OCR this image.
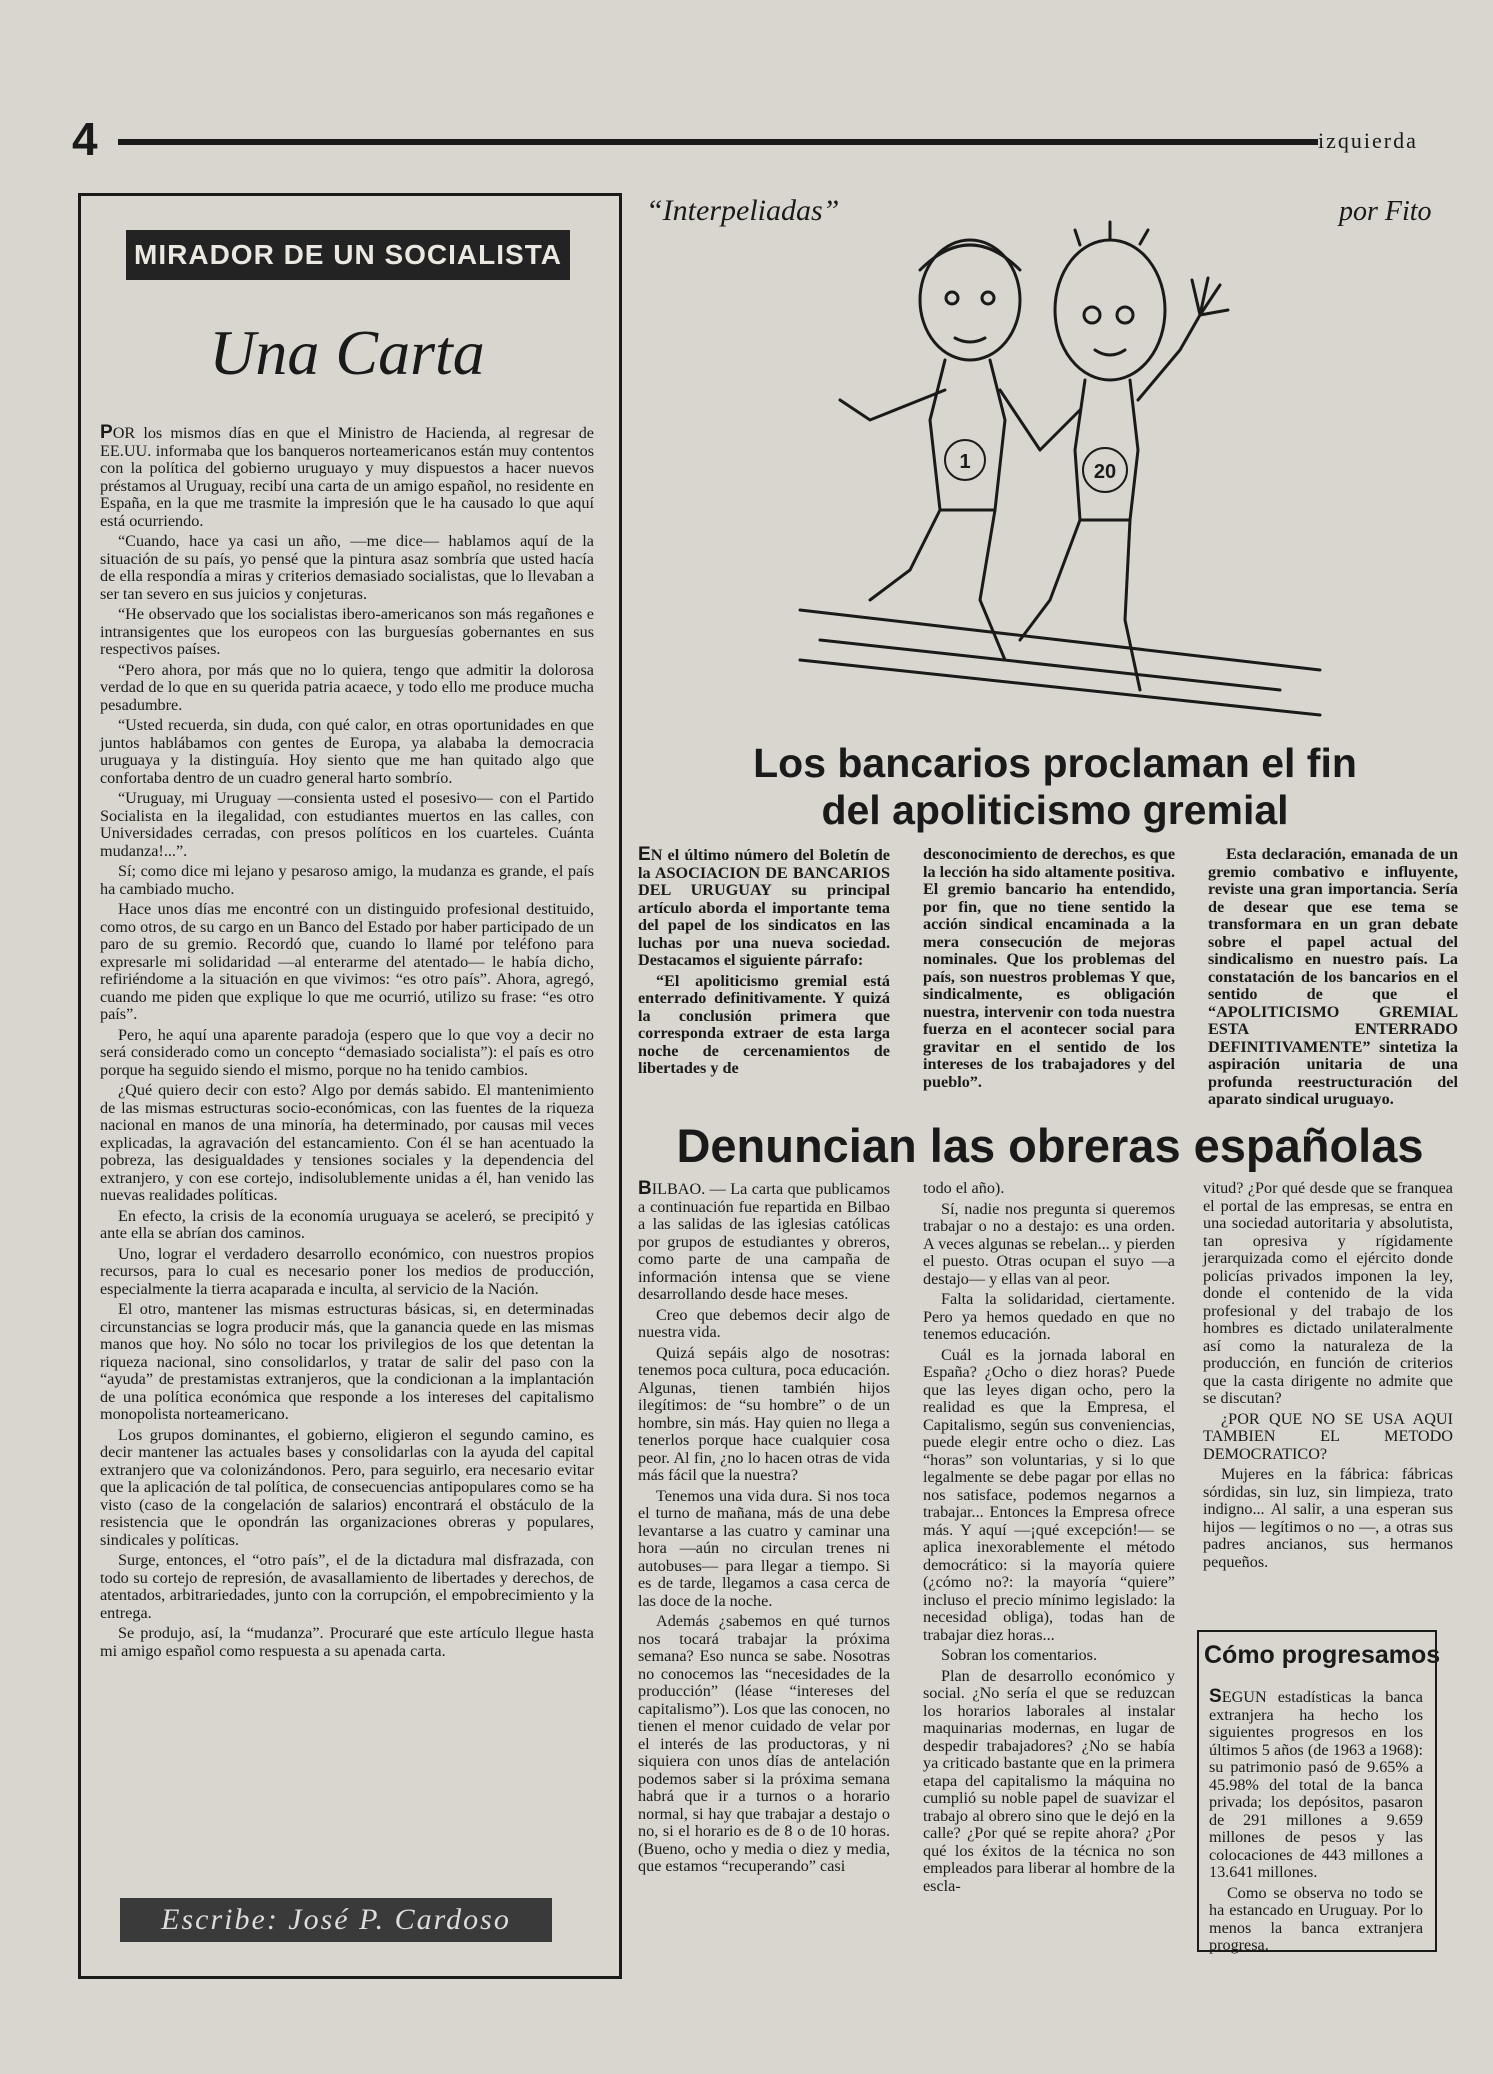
4	izquierda
MIRADOR DE UN SOCIALISTA
Una Carta

POR los mismos días en que el Ministro de Hacienda, al regresar de EE.UU. informaba que los banqueros norteamericanos están muy contentos con la política del gobierno uruguayo y muy dispuestos a hacer nuevos préstamos al Uruguay, recibí una carta de un amigo español, no residente en España, en la que me trasmite la impresión que le ha causado lo que aquí está ocurriendo.

“Cuando, hace ya casi un año, —me dice— hablamos aquí de la situación de su país, yo pensé que la pintura asaz sombría que usted hacía de ella respondía a miras y criterios demasiado socialistas, que lo llevaban a ser tan severo en sus juicios y conjeturas.

“He observado que los socialistas ibero-americanos son más regañones e intransigentes que los europeos con las burguesías gobernantes en sus respectivos países.

“Pero ahora, por más que no lo quiera, tengo que admitir la dolorosa verdad de lo que en su querida patria acaece, y todo ello me produce mucha pesadumbre.

“Usted recuerda, sin duda, con qué calor, en otras oportunidades en que juntos hablábamos con gentes de Europa, ya alababa la democracia uruguaya y la distinguía. Hoy siento que me han quitado algo que confortaba dentro de un cuadro general harto sombrío.

“Uruguay, mi Uruguay —consienta usted el posesivo— con el Partido Socialista en la ilegalidad, con estudiantes muertos en las calles, con Universidades cerradas, con presos políticos en los cuarteles. Cuánta mudanza!...”.

Sí; como dice mi lejano y pesaroso amigo, la mudanza es grande, el país ha cambiado mucho.

Hace unos días me encontré con un distinguido profesional destituido, como otros, de su cargo en un Banco del Estado por haber participado de un paro de su gremio. Recordó que, cuando lo llamé por teléfono para expresarle mi solidaridad —al enterarme del atentado— le había dicho, refiriéndome a la situación en que vivimos: “es otro país”. Ahora, agregó, cuando me piden que explique lo que me ocurrió, utilizo su frase: “es otro país”.

Pero, he aquí una aparente paradoja (espero que lo que voy a decir no será considerado como un concepto “demasiado socialista”): el país es otro porque ha seguido siendo el mismo, porque no ha tenido cambios.

¿Qué quiero decir con esto? Algo por demás sabido. El mantenimiento de las mismas estructuras socio-económicas, con las fuentes de la riqueza nacional en manos de una minoría, ha determinado, por causas mil veces explicadas, la agravación del estancamiento. Con él se han acentuado la pobreza, las desigualdades y tensiones sociales y la dependencia del extranjero, y con ese cortejo, indisolublemente unidas a él, han venido las nuevas realidades políticas.

En efecto, la crisis de la economía uruguaya se aceleró, se precipitó y ante ella se abrían dos caminos.

Uno, lograr el verdadero desarrollo económico, con nuestros propios recursos, para lo cual es necesario poner los medios de producción, especialmente la tierra acaparada e inculta, al servicio de la Nación.

El otro, mantener las mismas estructuras básicas, si, en determinadas circunstancias se logra producir más, que la ganancia quede en las mismas manos que hoy. No sólo no tocar los privilegios de los que detentan la riqueza nacional, sino consolidarlos, y tratar de salir del paso con la “ayuda” de prestamistas extranjeros, que la condicionan a la implantación de una política económica que responde a los intereses del capitalismo monopolista norteamericano.

Los grupos dominantes, el gobierno, eligieron el segundo camino, es decir mantener las actuales bases y consolidarlas con la ayuda del capital extranjero que va colonizándonos. Pero, para seguirlo, era necesario evitar que la aplicación de tal política, de consecuencias antipopulares como se ha visto (caso de la congelación de salarios) encontrará el obstáculo de la resistencia que le opondrán las organizaciones obreras y populares, sindicales y políticas.

Surge, entonces, el “otro país”, el de la dictadura mal disfrazada, con todo su cortejo de represión, de avasallamiento de libertades y derechos, de atentados, arbitrariedades, junto con la corrupción, el empobrecimiento y la entrega.

Se produjo, así, la “mudanza”. Procuraré que este artículo llegue hasta mi amigo español como respuesta a su apenada carta.

Escribe: José P. Cardoso
“Interpeliadas”	por Fito
1	20
Los bancarios proclaman el fin
del apoliticismo gremial

EN el último número del Boletín de la ASOCIACION DE BANCARIOS DEL URUGUAY su principal artículo aborda el importante tema del papel de los sindicatos en las luchas por una nueva sociedad. Destacamos el siguiente párrafo:

“El apoliticismo gremial está enterrado definitivamente. Y quizá la conclusión primera que corresponda extraer de esta larga noche de cercenamientos de libertades y de

desconocimiento de derechos, es que la lección ha sido altamente positiva. El gremio bancario ha entendido, por fin, que no tiene sentido la acción sindical encaminada a la mera consecución de mejoras nominales. Que los problemas del país, son nuestros problemas Y que, sindicalmente, es obligación nuestra, intervenir con toda nuestra fuerza en el acontecer social para gravitar en el sentido de los intereses de los trabajadores y del pueblo”.

Esta declaración, emanada de un gremio combativo e influyente, reviste una gran importancia. Sería de desear que ese tema se transformara en un gran debate sobre el papel actual del sindicalismo en nuestro país. La constatación de los bancarios en el sentido de que el “APOLITICISMO GREMIAL ESTA ENTERRADO DEFINITIVAMENTE” sintetiza la aspiración unitaria de una profunda reestructuración del aparato sindical uruguayo.

Denuncian las obreras españolas

BILBAO. — La carta que publicamos a continuación fue repartida en Bilbao a las salidas de las iglesias católicas por grupos de estudiantes y obreros, como parte de una campaña de información intensa que se viene desarrollando desde hace meses.

Creo que debemos decir algo de nuestra vida.

Quizá sepáis algo de nosotras: tenemos poca cultura, poca educación. Algunas, tienen también hijos ilegítimos: de “su hombre” o de un hombre, sin más. Hay quien no llega a tenerlos porque hace cualquier cosa peor. Al fin, ¿no lo hacen otras de vida más fácil que la nuestra?

Tenemos una vida dura. Si nos toca el turno de mañana, más de una debe levantarse a las cuatro y caminar una hora —aún no circulan trenes ni autobuses— para llegar a tiempo. Si es de tarde, llegamos a casa cerca de las doce de la noche.

Además ¿sabemos en qué turnos nos tocará trabajar la próxima semana? Eso nunca se sabe. Nosotras no conocemos las “necesidades de la producción” (léase “intereses del capitalismo”). Los que las conocen, no tienen el menor cuidado de velar por el interés de las productoras, y ni siquiera con unos días de antelación podemos saber si la próxima semana habrá que ir a turnos o a horario normal, si hay que trabajar a destajo o no, si el horario es de 8 o de 10 horas. (Bueno, ocho y media o diez y media, que estamos “recuperando” casi

todo el año).

Sí, nadie nos pregunta si queremos trabajar o no a destajo: es una orden. A veces algunas se rebelan... y pierden el puesto. Otras ocupan el suyo —a destajo— y ellas van al peor.

Falta la solidaridad, ciertamente. Pero ya hemos quedado en que no tenemos educación.

Cuál es la jornada laboral en España? ¿Ocho o diez horas? Puede que las leyes digan ocho, pero la realidad es que la Empresa, el Capitalismo, según sus conveniencias, puede elegir entre ocho o diez. Las “horas” son voluntarias, y si lo que legalmente se debe pagar por ellas no nos satisface, podemos negarnos a trabajar... Entonces la Empresa ofrece más. Y aquí —¡qué excepción!— se aplica inexorablemente el método democrático: si la mayoría quiere (¿cómo no?: la mayoría “quiere” incluso el precio mínimo legislado: la necesidad obliga), todas han de trabajar diez horas...

Sobran los comentarios.

Plan de desarrollo económico y social. ¿No sería el que se reduzcan los horarios laborales al instalar maquinarias modernas, en lugar de despedir trabajadores? ¿No se había ya criticado bastante que en la primera etapa del capitalismo la máquina no cumplió su noble papel de suavizar el trabajo al obrero sino que le dejó en la calle? ¿Por qué se repite ahora? ¿Por qué los éxitos de la técnica no son empleados para liberar al hombre de la escla-

vitud? ¿Por qué desde que se franquea el portal de las empresas, se entra en una sociedad autoritaria y absolutista, tan opresiva y rígidamente jerarquizada como el ejército donde policías privados imponen la ley, donde el contenido de la vida profesional y del trabajo de los hombres es dictado unilateralmente así como la naturaleza de la producción, en función de criterios que la casta dirigente no admite que se discutan?

¿POR QUE NO SE USA AQUI TAMBIEN EL METODO DEMOCRATICO?

Mujeres en la fábrica: fábricas sórdidas, sin luz, sin limpieza, trato indigno... Al salir, a una esperan sus hijos — legítimos o no —, a otras sus padres ancianos, sus hermanos pequeños.

Cómo progresamos

SEGUN estadísticas la banca extranjera ha hecho los siguientes progresos en los últimos 5 años (de 1963 a 1968): su patrimonio pasó de 9.65% a 45.98% del total de la banca privada; los depósitos, pasaron de 291 millones a 9.659 millones de pesos y las colocaciones de 443 millones a 13.641 millones.

Como se observa no todo se ha estancado en Uruguay. Por lo menos la banca extranjera progresa.
